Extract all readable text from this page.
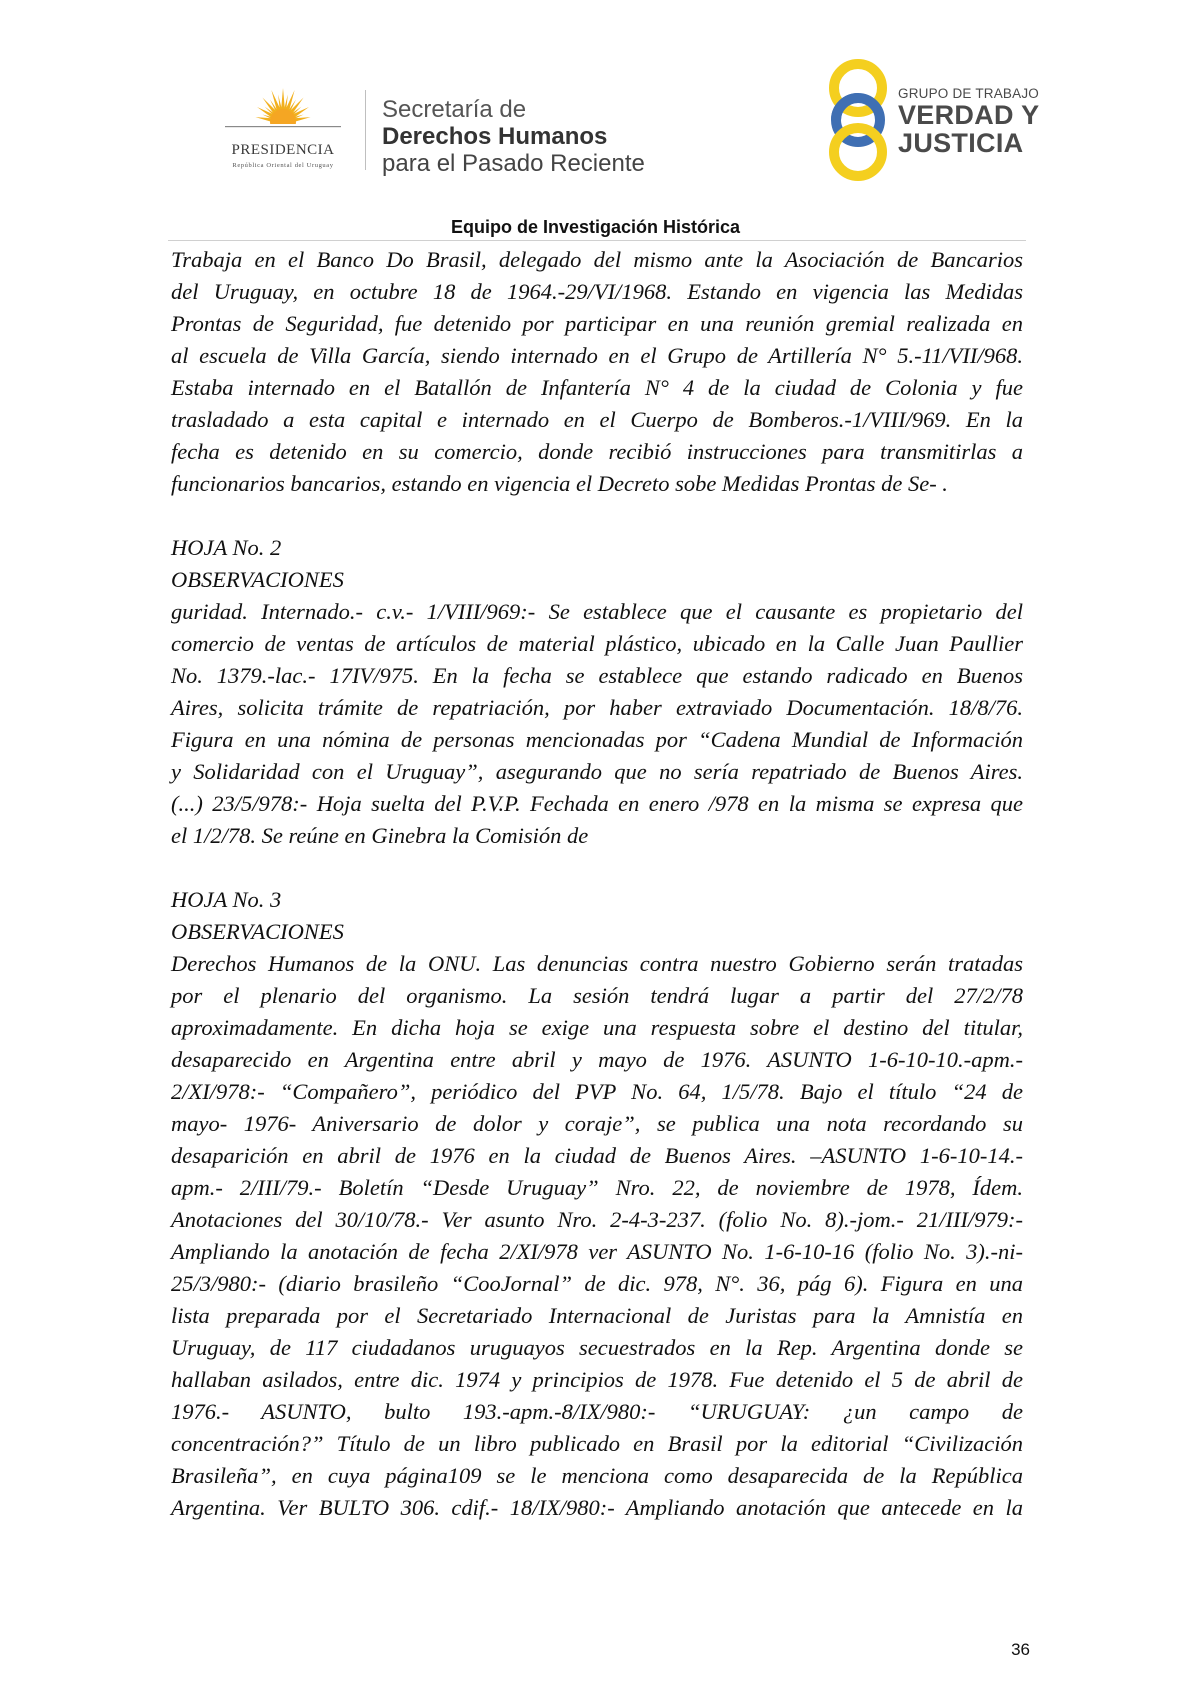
PRESIDENCIA
República Oriental del Uruguay
Secretaría de
Derechos Humanos
para el Pasado Reciente
GRUPO DE TRABAJO
VERDAD Y
JUSTICIA
Equipo de Investigación Histórica
Trabaja en el Banco Do Brasil, delegado del mismo ante la Asociación de Bancarios
del Uruguay, en octubre 18 de 1964.-29/VI/1968. Estando en vigencia las Medidas
Prontas de Seguridad, fue detenido por participar en una reunión gremial realizada en
al escuela de Villa García, siendo internado en el Grupo de Artillería N° 5.-11/VII/968.
Estaba internado en el Batallón de Infantería N° 4 de la ciudad de Colonia y fue
trasladado a esta capital e internado en el Cuerpo de Bomberos.-1/VIII/969. En la
fecha es detenido en su comercio, donde recibió instrucciones para transmitirlas a
funcionarios bancarios, estando en vigencia el Decreto sobe Medidas Prontas de Se- .
HOJA No. 2
OBSERVACIONES
guridad. Internado.- c.v.- 1/VIII/969:- Se establece que el causante es propietario del
comercio de ventas de artículos de material plástico, ubicado en la Calle Juan Paullier
No. 1379.-lac.- 17IV/975. En la fecha se establece que estando radicado en Buenos
Aires, solicita trámite de repatriación, por haber extraviado Documentación. 18/8/76.
Figura en una nómina de personas mencionadas por “Cadena Mundial de Información
y Solidaridad con el Uruguay”, asegurando que no sería repatriado de Buenos Aires.
(...) 23/5/978:- Hoja suelta del P.V.P. Fechada en enero /978 en la misma se expresa que
el 1/2/78. Se reúne en Ginebra la Comisión de
HOJA No. 3
OBSERVACIONES
Derechos Humanos de la ONU. Las denuncias contra nuestro Gobierno serán tratadas
por el plenario del organismo. La sesión tendrá lugar a partir del 27/2/78
aproximadamente. En dicha hoja se exige una respuesta sobre el destino del titular,
desaparecido en Argentina entre abril y mayo de 1976. ASUNTO 1-6-10-10.-apm.-
2/XI/978:- “Compañero”, periódico del PVP No. 64, 1/5/78. Bajo el título “24 de
mayo- 1976- Aniversario de dolor y coraje”, se publica una nota recordando su
desaparición en abril de 1976 en la ciudad de Buenos Aires. –ASUNTO 1-6-10-14.-
apm.- 2/III/79.- Boletín “Desde Uruguay” Nro. 22, de noviembre de 1978, Ídem.
Anotaciones del 30/10/78.- Ver asunto Nro. 2-4-3-237. (folio No. 8).-jom.- 21/III/979:-
Ampliando la anotación de fecha 2/XI/978 ver ASUNTO No. 1-6-10-16 (folio No. 3).-ni-
25/3/980:- (diario brasileño “CooJornal” de dic. 978, N°. 36, pág 6). Figura en una
lista preparada por el Secretariado Internacional de Juristas para la Amnistía en
Uruguay, de 117 ciudadanos uruguayos secuestrados en la Rep. Argentina donde se
hallaban asilados, entre dic. 1974 y principios de 1978. Fue detenido el 5 de abril de
1976.- ASUNTO, bulto 193.-apm.-8/IX/980:- “URUGUAY: ¿un campo de
concentración?” Título de un libro publicado en Brasil por la editorial “Civilización
Brasileña”, en cuya página109 se le menciona como desaparecida de la República
Argentina. Ver BULTO 306. cdif.- 18/IX/980:- Ampliando anotación que antecede en la
36
